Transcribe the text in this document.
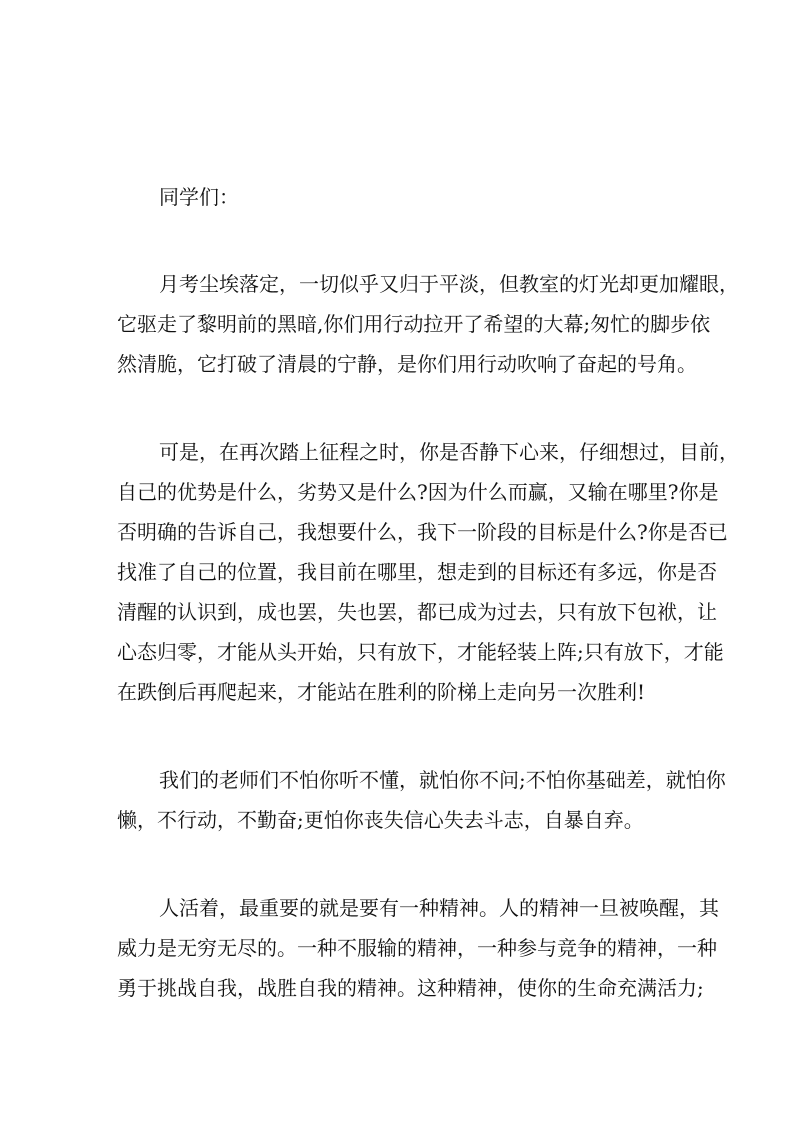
同学们：
月考尘埃落定，一切似乎又归于平淡，但教室的灯光却更加耀眼，
它驱走了黎明前的黑暗,你们用行动拉开了希望的大幕;匆忙的脚步依
然清脆，它打破了清晨的宁静，是你们用行动吹响了奋起的号角。
可是，在再次踏上征程之时，你是否静下心来，仔细想过，目前，
自己的优势是什么，劣势又是什么?因为什么而赢，又输在哪里?你是
否明确的告诉自己，我想要什么，我下一阶段的目标是什么?你是否已
找准了自己的位置，我目前在哪里，想走到的目标还有多远，你是否
清醒的认识到，成也罢，失也罢，都已成为过去，只有放下包袱，让
心态归零，才能从头开始，只有放下，才能轻装上阵;只有放下，才能
在跌倒后再爬起来，才能站在胜利的阶梯上走向另一次胜利!
我们的老师们不怕你听不懂，就怕你不问;不怕你基础差，就怕你
懒，不行动，不勤奋;更怕你丧失信心失去斗志，自暴自弃。
人活着，最重要的就是要有一种精神。人的精神一旦被唤醒，其
威力是无穷无尽的。一种不服输的精神，一种参与竞争的精神，一种
勇于挑战自我，战胜自我的精神。这种精神，使你的生命充满活力;
